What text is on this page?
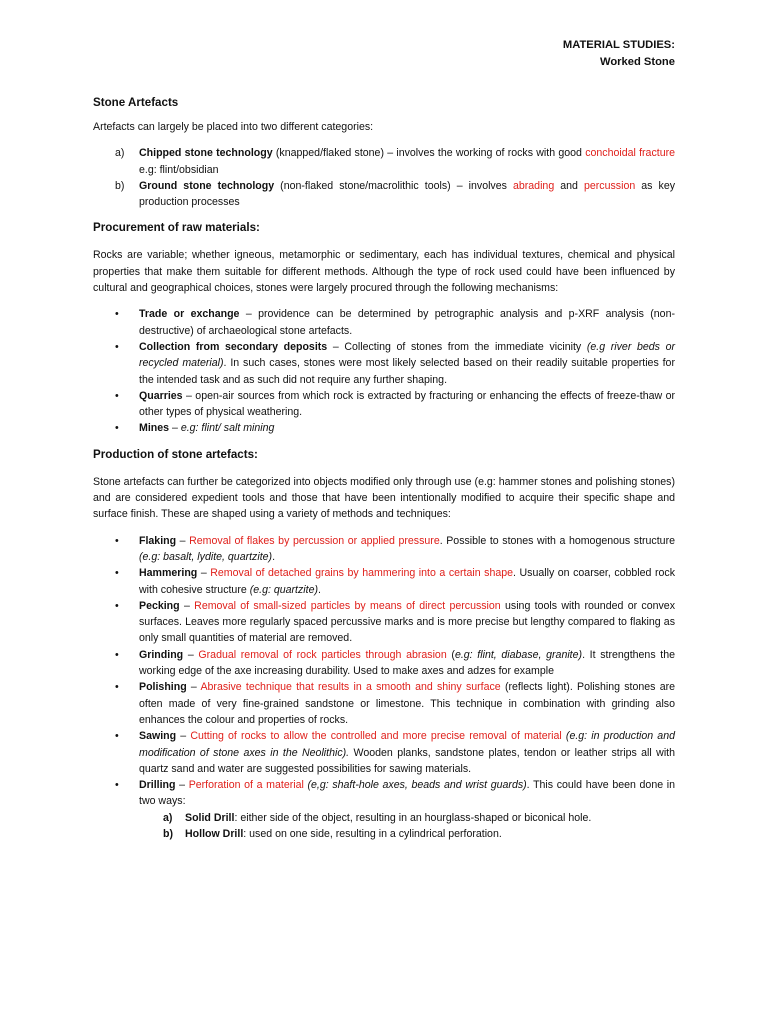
MATERIAL STUDIES:
Worked Stone
Stone Artefacts

Artefacts can largely be placed into two different categories:

a) Chipped stone technology (knapped/flaked stone) – involves the working of rocks with good conchoidal fracture e.g: flint/obsidian
b) Ground stone technology (non-flaked stone/macrolithic tools) – involves abrading and percussion as key production processes
Procurement of raw materials:

Rocks are variable; whether igneous, metamorphic or sedimentary, each has individual textures, chemical and physical properties that make them suitable for different methods. Although the type of rock used could have been influenced by cultural and geographical choices, stones were largely procured through the following mechanisms:

• Trade or exchange – providence can be determined by petrographic analysis and p-XRF analysis (non-destructive) of archaeological stone artefacts.
• Collection from secondary deposits – Collecting of stones from the immediate vicinity (e.g river beds or recycled material). In such cases, stones were most likely selected based on their readily suitable properties for the intended task and as such did not require any further shaping.
• Quarries – open-air sources from which rock is extracted by fracturing or enhancing the effects of freeze-thaw or other types of physical weathering.
• Mines – e.g: flint/ salt mining
Production of stone artefacts:

Stone artefacts can further be categorized into objects modified only through use (e.g: hammer stones and polishing stones) and are considered expedient tools and those that have been intentionally modified to acquire their specific shape and surface finish. These are shaped using a variety of methods and techniques:

• Flaking – Removal of flakes by percussion or applied pressure. Possible to stones with a homogenous structure (e.g: basalt, lydite, quartzite).
• Hammering – Removal of detached grains by hammering into a certain shape. Usually on coarser, cobbled rock with cohesive structure (e.g: quartzite).
• Pecking – Removal of small-sized particles by means of direct percussion using tools with rounded or convex surfaces. Leaves more regularly spaced percussive marks and is more precise but lengthy compared to flaking as only small quantities of material are removed.
• Grinding – Gradual removal of rock particles through abrasion (e.g: flint, diabase, granite). It strengthens the working edge of the axe increasing durability. Used to make axes and adzes for example
• Polishing – Abrasive technique that results in a smooth and shiny surface (reflects light). Polishing stones are often made of very fine-grained sandstone or limestone. This technique in combination with grinding also enhances the colour and properties of rocks.
• Sawing – Cutting of rocks to allow the controlled and more precise removal of material (e.g: in production and modification of stone axes in the Neolithic). Wooden planks, sandstone plates, tendon or leather strips all with quartz sand and water are suggested possibilities for sawing materials.
• Drilling – Perforation of a material (e,g: shaft-hole axes, beads and wrist guards). This could have been done in two ways:
a) Solid Drill: either side of the object, resulting in an hourglass-shaped or biconical hole.
b) Hollow Drill: used on one side, resulting in a cylindrical perforation.
